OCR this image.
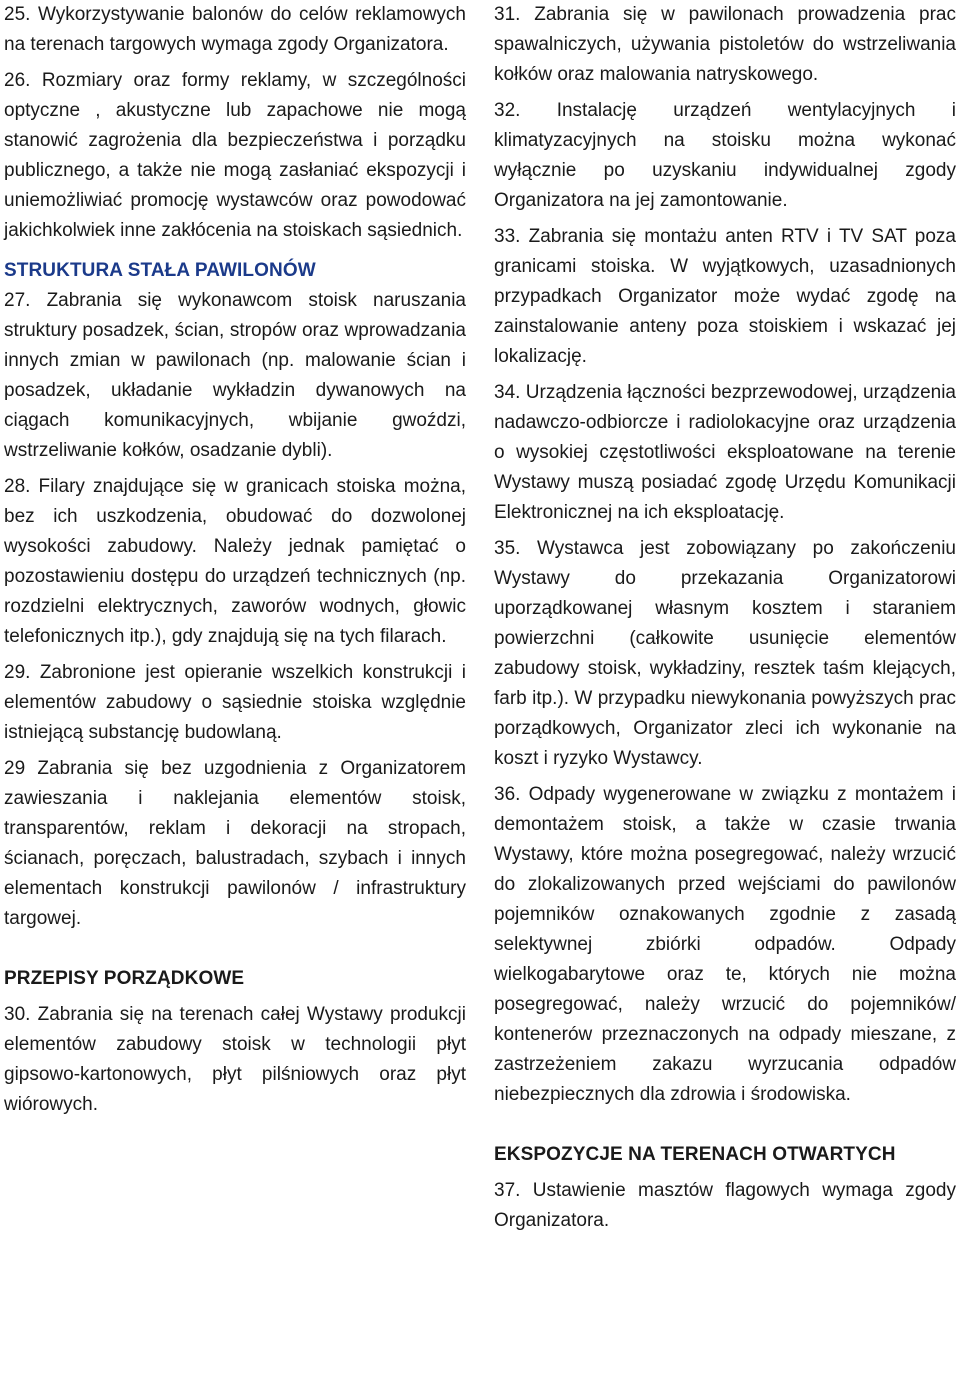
25. Wykorzystywanie balonów do celów reklamowych na terenach targowych wymaga zgody Organizatora.

26. Rozmiary oraz formy reklamy, w szczególności optyczne , akustyczne lub zapachowe nie mogą stanowić zagrożenia dla bezpieczeństwa i porządku publicznego, a także nie mogą zasłaniać ekspozycji i uniemożliwiać promocję wystawców oraz powodować jakichkolwiek inne zakłócenia na stoiskach sąsiednich.

STRUKTURA STAŁA PAWILONÓW

27. Zabrania się wykonawcom stoisk naruszania struktury posadzek, ścian, stropów oraz wprowadzania innych zmian w pawilonach (np. malowanie ścian i posadzek, układanie wykładzin dywanowych na ciągach komunikacyjnych, wbijanie gwoździ, wstrzeliwanie kołków, osadzanie dybli).

28. Filary znajdujące się w granicach stoiska można, bez ich uszkodzenia, obudować do dozwolonej wysokości zabudowy. Należy jednak pamiętać o pozostawieniu dostępu do urządzeń technicznych (np. rozdzielni elektrycznych, zaworów wodnych, głowic telefonicznych itp.), gdy znajdują się na tych filarach.

29. Zabronione jest opieranie wszelkich konstrukcji i elementów zabudowy o sąsiednie stoiska względnie istniejącą substancję budowlaną.

29 Zabrania się bez uzgodnienia z Organizatorem zawieszania i naklejania elementów stoisk, transparentów, reklam i dekoracji na stropach, ścianach, poręczach, balustradach, szybach i innych elementach konstrukcji pawilonów / infrastruktury targowej.

PRZEPISY PORZĄDKOWE

30. Zabrania się na terenach całej Wystawy produkcji elementów zabudowy stoisk w technologii płyt gipsowo-kartonowych, płyt pilśniowych oraz płyt wiórowych.

31. Zabrania się w pawilonach prowadzenia prac spawalniczych, używania pistoletów do wstrzeliwania kołków oraz malowania natryskowego.

32. Instalację urządzeń wentylacyjnych i klimatyzacyjnych na stoisku można wykonać wyłącznie po uzyskaniu indywidualnej zgody Organizatora na jej zamontowanie.

33. Zabrania się montażu anten RTV i TV SAT poza granicami stoiska. W wyjątkowych, uzasadnionych przypadkach Organizator może wydać zgodę na zainstalowanie anteny poza stoiskiem i wskazać jej lokalizację.

34. Urządzenia łączności bezprzewodowej, urządzenia nadawczo-odbiorcze i radiolokacyjne oraz urządzenia o wysokiej częstotliwości eksploatowane na terenie Wystawy muszą posiadać zgodę Urzędu Komunikacji Elektronicznej na ich eksploatację.

35. Wystawca jest zobowiązany po zakończeniu Wystawy do przekazania Organizatorowi uporządkowanej własnym kosztem i staraniem powierzchni (całkowite usunięcie elementów zabudowy stoisk, wykładziny, resztek taśm klejących, farb itp.). W przypadku niewykonania powyższych prac porządkowych, Organizator zleci ich wykonanie na koszt i ryzyko Wystawcy.

36. Odpady wygenerowane w związku z montażem i demontażem stoisk, a także w czasie trwania Wystawy, które można posegregować, należy wrzucić do zlokalizowanych przed wejściami do pawilonów pojemników oznakowanych zgodnie z zasadą selektywnej zbiórki odpadów. Odpady wielkogabarytowe oraz te, których nie można posegregować, należy wrzucić do pojemników/ kontenerów przeznaczonych na odpady mieszane, z zastrzeżeniem zakazu wyrzucania odpadów niebezpiecznych dla zdrowia i środowiska.

EKSPOZYCJE NA TERENACH OTWARTYCH

37. Ustawienie masztów flagowych wymaga zgody Organizatora.
